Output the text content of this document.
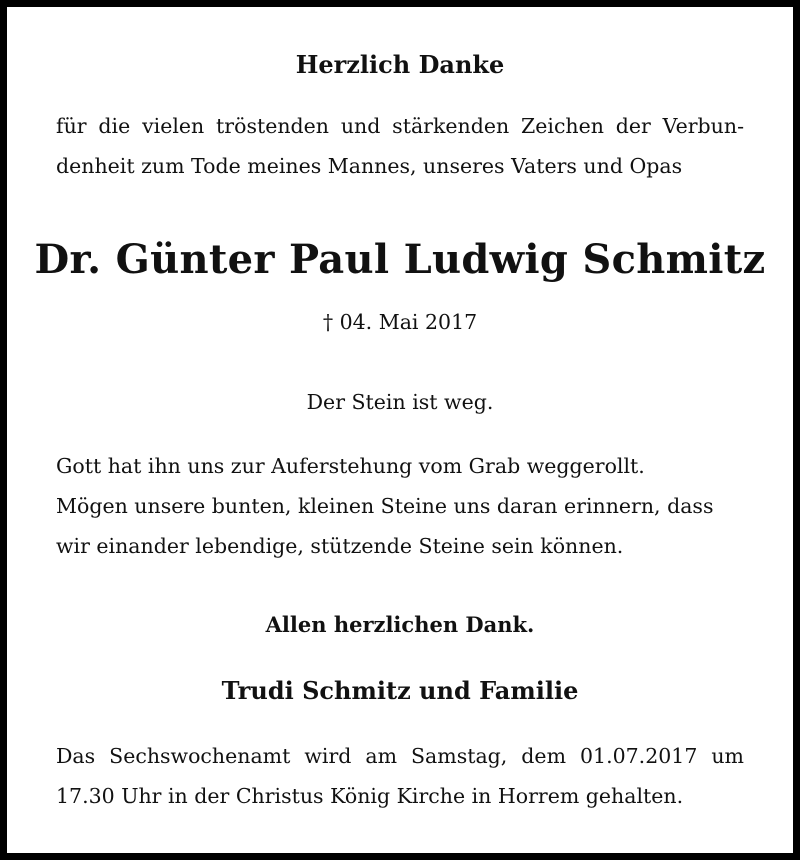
Herzlich Danke
für die vielen tröstenden und stärkenden Zeichen der Verbun-
denheit zum Tode meines Mannes, unseres Vaters und Opas
Dr. Günter Paul Ludwig Schmitz
† 04. Mai 2017
Der Stein ist weg.
Gott hat ihn uns zur Auferstehung vom Grab weggerollt.
Mögen unsere bunten, kleinen Steine uns daran erinnern, dass
wir einander lebendige, stützende Steine sein können.
Allen herzlichen Dank.
Trudi Schmitz und Familie
Das Sechswochenamt wird am Samstag, dem 01.07.2017 um
17.30 Uhr in der Christus König Kirche in Horrem gehalten.
